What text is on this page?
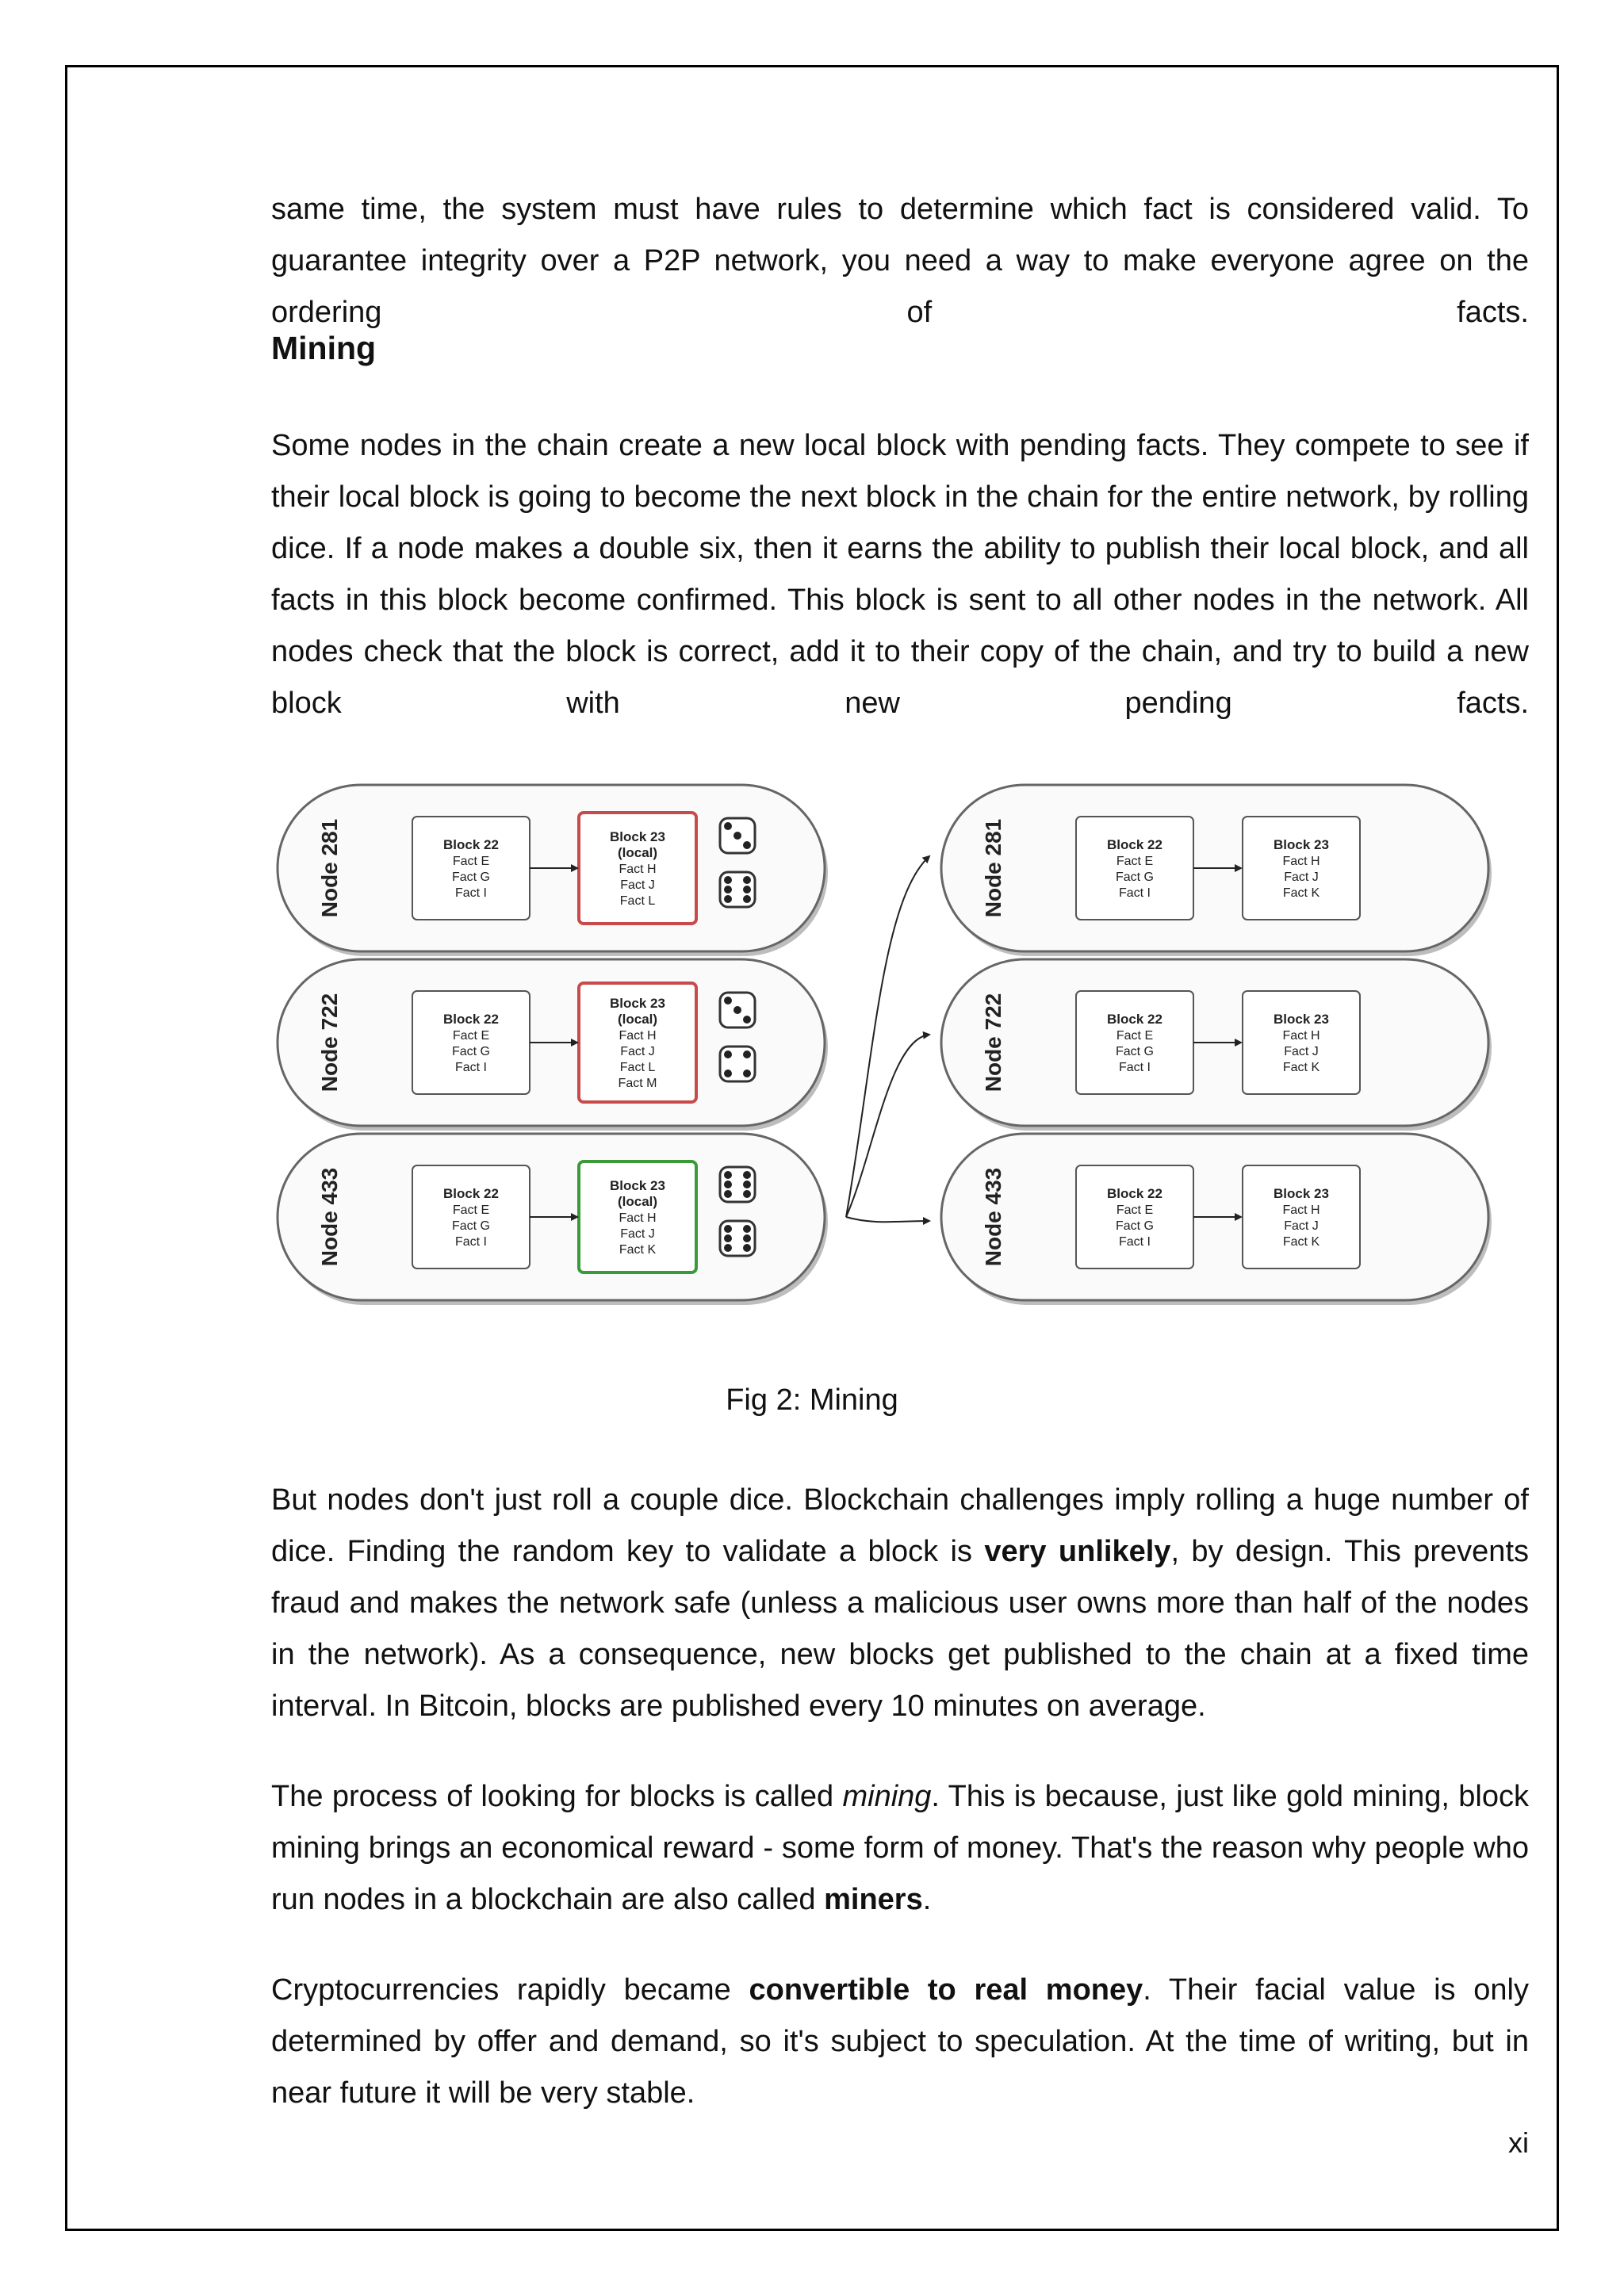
same time, the system must have rules to determine which fact is considered valid. To guarantee integrity over a P2P network, you need a way to make everyone agree on the ordering of facts.

Mining

Some nodes in the chain create a new local block with pending facts. They compete to see if their local block is going to become the next block in the chain for the entire network, by rolling dice. If a node makes a double six, then it earns the ability to publish their local block, and all facts in this block become confirmed. This block is sent to all other nodes in the network. All nodes check that the block is correct, add it to their copy of the chain, and try to build a new block with new pending facts.

Node 281	Block 22
Fact E
Fact G
Fact I
Block 23
(local)
Fact H
Fact J
Fact L
Node 722	Block 22
Fact E
Fact G
Fact I
Block 23
(local)
Fact H
Fact J
Fact L
Fact M
Node 433	Block 22
Fact E
Fact G
Fact I
Block 23
(local)
Fact H
Fact J
Fact K
Node 281	Block 22
Fact E
Fact G
Fact I
Block 23
Fact H
Fact J
Fact K
Node 722	Block 22
Fact E
Fact G
Fact I
Block 23
Fact H
Fact J
Fact K
Node 433	Block 22
Fact E
Fact G
Fact I
Block 23
Fact H
Fact J
Fact K
Fig 2: Mining

But nodes don't just roll a couple dice. Blockchain challenges imply rolling a huge number of dice. Finding the random key to validate a block is very unlikely, by design. This prevents fraud and makes the network safe (unless a malicious user owns more than half of the nodes in the network). As a consequence, new blocks get published to the chain at a fixed time interval. In Bitcoin, blocks are published every 10 minutes on average.

The process of looking for blocks is called mining. This is because, just like gold mining, block mining brings an economical reward - some form of money. That's the reason why people who run nodes in a blockchain are also called miners.

Cryptocurrencies rapidly became convertible to real money. Their facial value is only determined by offer and demand, so it's subject to speculation. At the time of writing, but in near future it will be very stable.

xi
